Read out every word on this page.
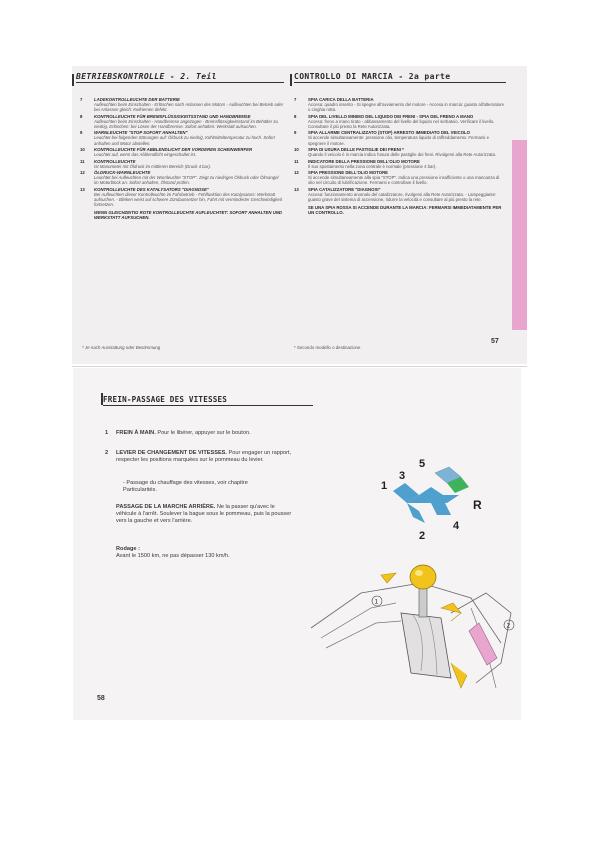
BETRIEBSKONTROLLE - 2. Teil
7	LADEKONTROLLEUCHTE DER BATTERIE
Aufleuchten beim Einschalten - Erlöschen nach Anlassen des Motors - Aufleuchten bei Betrieb oder bei Anlassen gleich: Keilriemen defekt.
8	KONTROLLEUCHTE FÜR BREMSFLÜSSIGKEITSSTAND UND HANDBREMSE
Aufleuchten beim Einschalten - Handbremse angezogen - Bremsflüssigkeitsstand im Behälter zu niedrig. Erlöschen: bei Lösen der Handbremse. Sofort anhalten: Werkstatt aufsuchen.
9	WARNLEUCHTE "STOP SOFORT ANHALTEN"
Leuchtet bei folgenden Störungen auf: Öldruck zu niedrig, Kühlmitteltemperatur zu hoch. Sofort anhalten und Motor abstellen.
10	KONTROLLEUCHTE FÜR ABBLENDLICHT DER VORDEREN SCHEINWERFER
Leuchtet auf, wenn das Abblendlicht eingeschaltet ist.
11	KONTROLLEUCHTE
Ist Manometer mit Öldruck im mittleren Bereich (Druck 4 bar).
12	ÖLDRUCK-WARNLEUCHTE
Leuchtet bei Aufleuchten mit der Warnleuchte "STOP". Zeigt zu niedrigen Öldruck oder Ölmangel im Motorblock an. Sofort anhalten, Ölstand prüfen.
13	KONTROLLEUCHTE DES KATALYSATORS "DIAGNOSE"
Bei Aufleuchten dieser Kontrolleuchte im Fahrbetrieb - Fehlfunktion des Katalysators: Werkstatt aufsuchen. - Blinken weist auf schwere Zündaussetzer hin, Fahrt mit verminderter Geschwindigkeit fortsetzen.
WENN GLEICHZEITIG ROTE KONTROLLEUCHTE AUFLEUCHTET: SOFORT ANHALTEN UND WERKSTATT AUFSUCHEN.
* Je nach Ausstattung oder Bestimmung
CONTROLLO DI MARCIA - 2a parte
7	SPIA CARICA DELLA BATTERIA
Accesa: quadro inserito - Si spegne all'avviamento del motore - Accesa in marcia: guasto all'alternatore o cinghia rotta.
8	SPIA DEL LIVELLO MINIMO DEL LIQUIDO DEI FRENI - SPIA DEL FRENO A MANO
Accesa: freno a mano tirato - abbassamento del livello del liquido nel serbatoio. Verificare il livello. Consultare il più presto la Rete Autorizzata.
9	SPIA ALLARME CENTRALIZZATO (STOP) ARRESTO IMMEDIATO DEL VEICOLO
Si accende simultaneamente: pressione olio, temperatura liquido di raffreddamento. Fermarsi e spegnere il motore.
10	SPIA DI USURA DELLE PASTIGLIE DEI FRENI *
Quando il veicolo è in marcia indica l'usura delle pastiglie dei freni. Rivolgersi alla Rete Autorizzata.
11	INDICATORE DELLA PRESSIONE DELL'OLIO MOTORE
Il suo spostamento nella zona centrale è normale (pressione 4 bar).
12	SPIA PRESSIONE DELL'OLIO MOTORE
Si accende simultaneamente alla spia "STOP". Indica una pressione insufficiente o una mancanza di olio nel circuito di lubrificazione. Fermarsi e controllare il livello.
13	SPIA CATALIZZATORE "DIAGNOSI"
Accesa: funzionamento anomalo del catalizzatore, rivolgersi alla Rete Autorizzata. - Lampeggiante: guasto grave del sistema di accensione, ridurre la velocità e consultare al più presto la rete.
SE UNA SPIA ROSSA SI ACCENDE DURANTE LA MARCIA: FERMARSI IMMEDIATAMENTE PER UN CONTROLLO.
* Secondo modello o destinazione
57
FREIN-PASSAGE DES VITESSES
1 FREIN À MAIN. Pour le libérer, appuyer sur le bouton.
2 LEVIER DE CHANGEMENT DE VITESSES. Pour engager un rapport, respecter les positions marquées sur le pommeau du levier.
- Passage du chauffage des vitesses, voir chapitre Particularités.
PASSAGE DE LA MARCHE ARRIÈRE. Ne la passer qu'avec le véhicule à l'arrêt. Soulever la bague sous le pommeau, puis la pousser vers la gauche et vers l'arrière.
Rodage :
Avant le 1500 km, ne pas dépasser 130 km/h.
1
3
5
2
4
R
1
2
58
